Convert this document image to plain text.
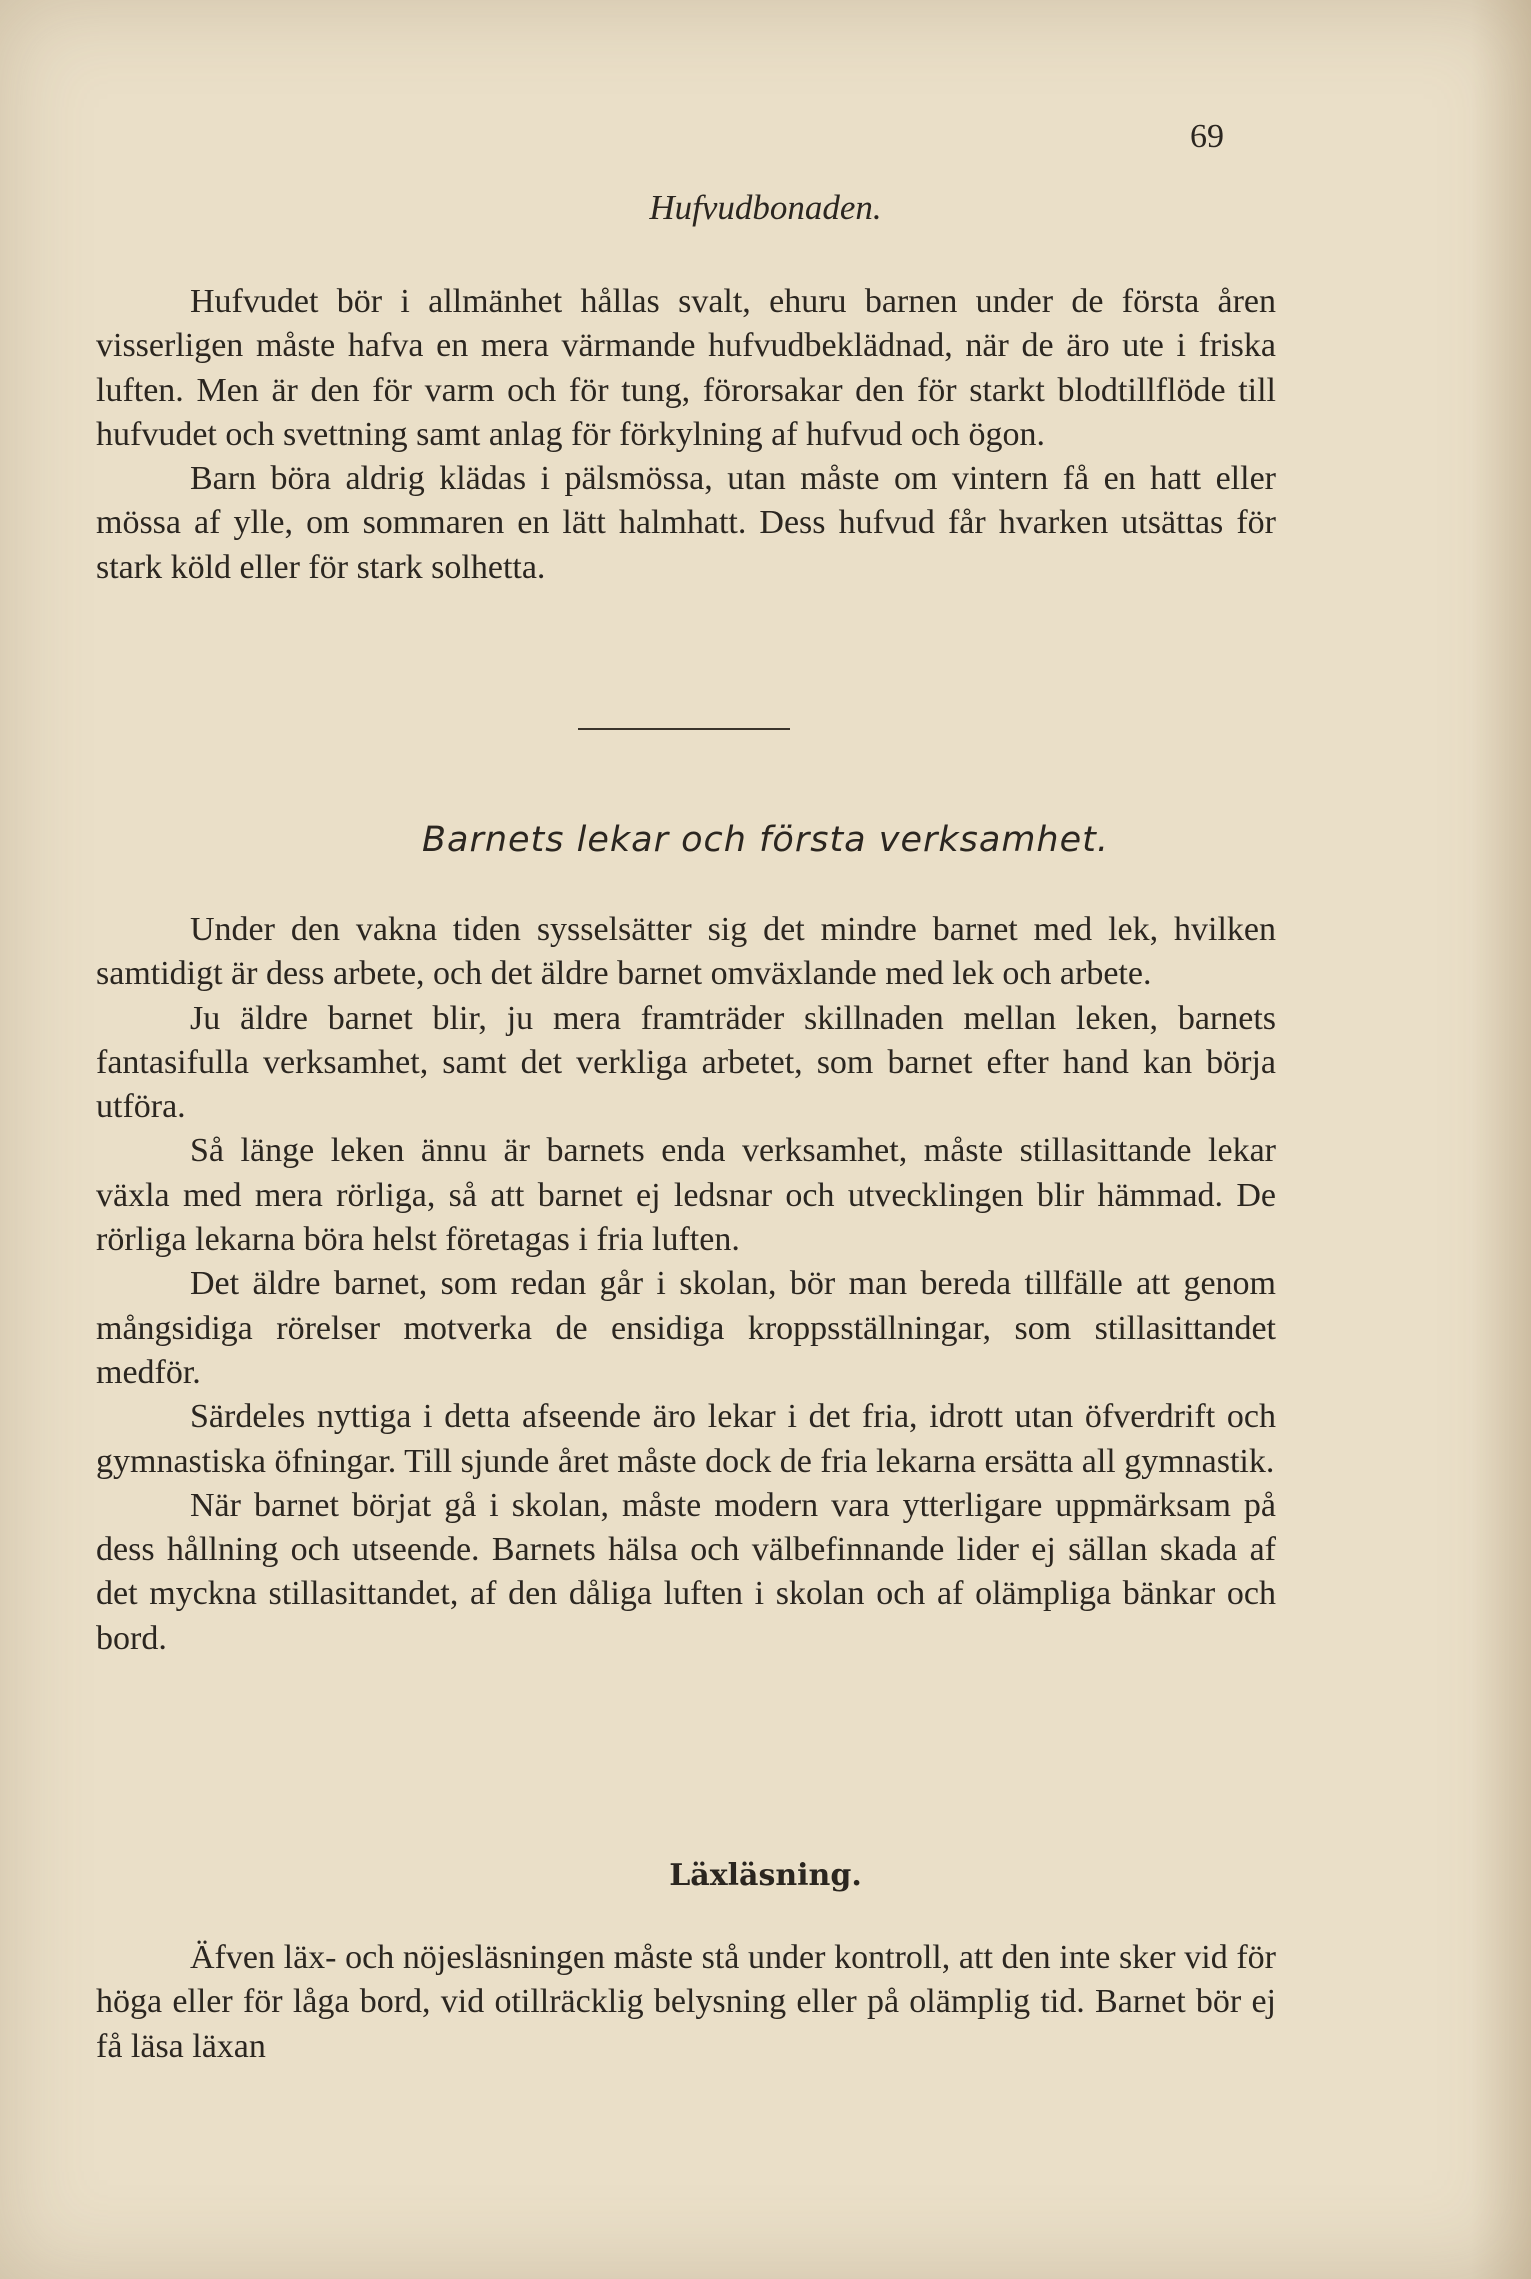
69
Hufvudbonaden.

Hufvudet bör i allmänhet hållas svalt, ehuru barnen under de första åren visserligen måste hafva en mera värmande hufvudbeklädnad, när de äro ute i friska luften. Men är den för varm och för tung, förorsakar den för starkt blodtillflöde till hufvudet och svettning samt anlag för förkylning af hufvud och ögon.

Barn böra aldrig klädas i pälsmössa, utan måste om vintern få en hatt eller mössa af ylle, om sommaren en lätt halmhatt. Dess hufvud får hvarken utsättas för stark köld eller för stark solhetta.

Barnets lekar och första verksamhet.

Under den vakna tiden sysselsätter sig det mindre barnet med lek, hvilken samtidigt är dess arbete, och det äldre barnet omväxlande med lek och arbete.

Ju äldre barnet blir, ju mera framträder skillnaden mellan leken, barnets fantasifulla verksamhet, samt det verkliga arbetet, som barnet efter hand kan börja utföra.

Så länge leken ännu är barnets enda verksamhet, måste stillasittande lekar växla med mera rörliga, så att barnet ej ledsnar och utvecklingen blir hämmad. De rörliga lekarna böra helst företagas i fria luften.

Det äldre barnet, som redan går i skolan, bör man bereda tillfälle att genom mångsidiga rörelser motverka de ensidiga kroppsställningar, som stillasittandet medför.

Särdeles nyttiga i detta afseende äro lekar i det fria, idrott utan öfverdrift och gymnastiska öfningar. Till sjunde året måste dock de fria lekarna ersätta all gymnastik.

När barnet börjat gå i skolan, måste modern vara ytterligare uppmärksam på dess hållning och utseende. Barnets hälsa och välbefinnande lider ej sällan skada af det myckna stillasittandet, af den dåliga luften i skolan och af olämpliga bänkar och bord.

Läxläsning.

Äfven läx- och nöjesläsningen måste stå under kontroll, att den inte sker vid för höga eller för låga bord, vid otillräcklig belysning eller på olämplig tid. Barnet bör ej få läsa läxan
